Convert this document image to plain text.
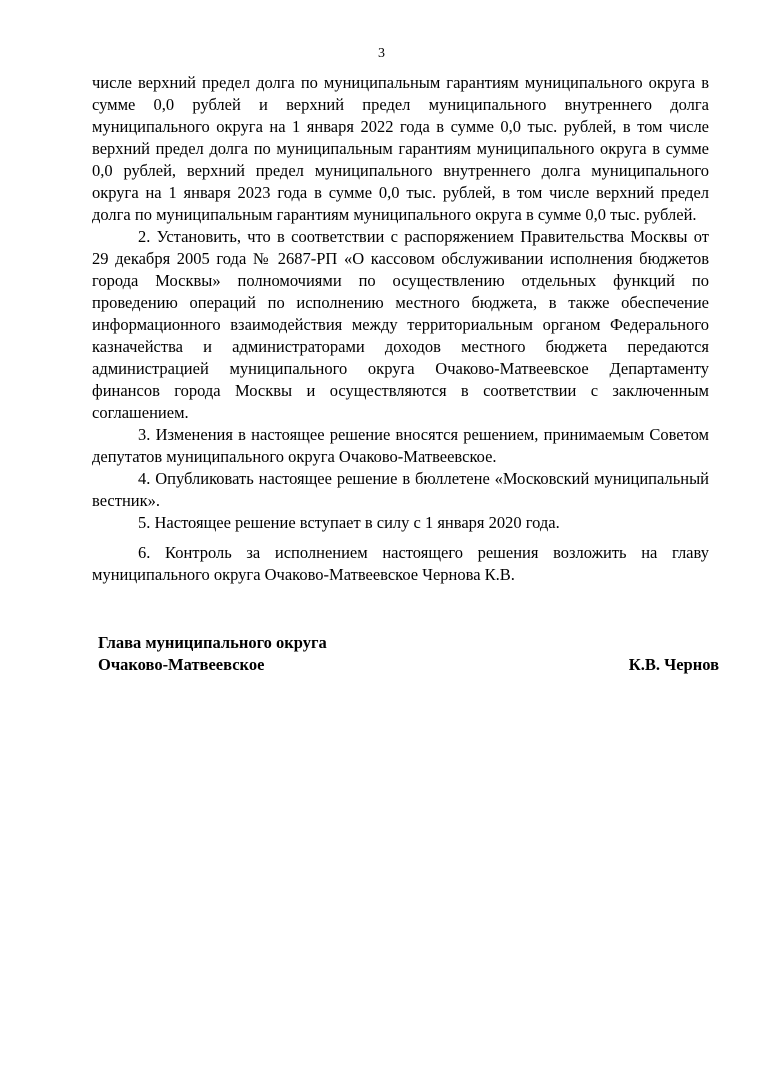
3

числе верхний предел долга по муниципальным гарантиям муниципального округа в сумме 0,0 рублей и верхний предел муниципального внутреннего долга муниципального округа на 1 января 2022 года в сумме 0,0 тыс. рублей, в том числе верхний предел долга по муниципальным гарантиям муниципального округа в сумме 0,0 рублей, верхний предел муниципального внутреннего долга муниципального округа на 1 января 2023 года в сумме 0,0 тыс. рублей, в том числе верхний предел долга по муниципальным гарантиям муниципального округа в сумме 0,0 тыс. рублей.

2. Установить, что в соответствии с распоряжением Правительства Москвы от 29 декабря 2005 года № 2687-РП «О кассовом обслуживании исполнения бюджетов города Москвы» полномочиями по осуществлению отдельных функций по проведению операций по исполнению местного бюджета, в также обеспечение информационного взаимодействия между территориальным органом Федерального казначейства и администраторами доходов местного бюджета передаются администрацией муниципального округа Очаково-Матвеевское Департаменту финансов города Москвы и осуществляются в соответствии с заключенным соглашением.

3. Изменения в настоящее решение вносятся решением, принимаемым Советом депутатов муниципального округа Очаково-Матвеевское.

4. Опубликовать настоящее решение в бюллетене «Московский муниципальный вестник».

5. Настоящее решение вступает в силу с 1 января 2020 года.

6. Контроль за исполнением настоящего решения возложить на главу муниципального округа Очаково-Матвеевское Чернова К.В.

Глава муниципального округа
Очаково-Матвеевское	К.В. Чернов
